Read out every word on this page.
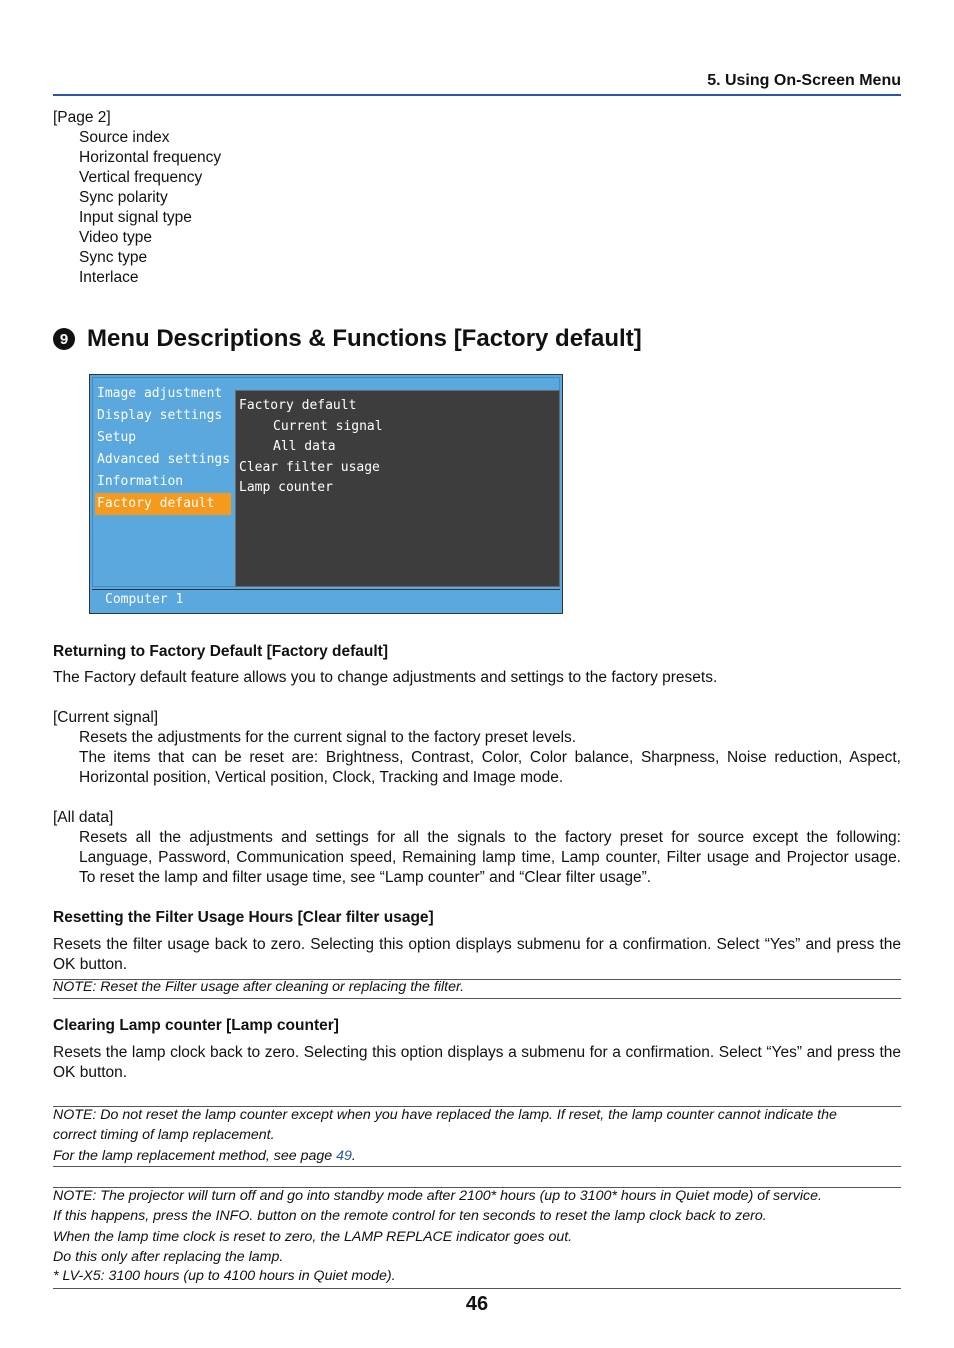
5. Using On-Screen Menu
[Page 2]
Source index
Horizontal frequency
Vertical frequency
Sync polarity
Input signal type
Video type
Sync type
Interlace
9 Menu Descriptions & Functions [Factory default]
Image adjustment
Display settings
Setup
Advanced settings
Information
Factory default
Factory default
Current signal
All data
Clear filter usage
Lamp counter
Computer 1
Returning to Factory Default [Factory default]
The Factory default feature allows you to change adjustments and settings to the factory presets.
[Current signal]
Resets the adjustments for the current signal to the factory preset levels.
The items that can be reset are: Brightness, Contrast, Color, Color balance, Sharpness, Noise reduction, Aspect, Horizontal position, Vertical position, Clock, Tracking and Image mode.
[All data]
Resets all the adjustments and settings for all the signals to the factory preset for source except the following: Language, Password, Communication speed, Remaining lamp time, Lamp counter, Filter usage and Projector usage. To reset the lamp and filter usage time, see “Lamp counter” and “Clear filter usage”.
Resetting the Filter Usage Hours [Clear filter usage]
Resets the filter usage back to zero. Selecting this option displays submenu for a confirmation. Select “Yes” and press the OK button.
NOTE: Reset the Filter usage after cleaning or replacing the filter.
Clearing Lamp counter [Lamp counter]
Resets the lamp clock back to zero. Selecting this option displays a submenu for a confirmation. Select “Yes” and press the OK button.
NOTE: Do not reset the lamp counter except when you have replaced the lamp. If reset, the lamp counter cannot indicate the
correct timing of lamp replacement.
For the lamp replacement method, see page 49.
NOTE: The projector will turn off and go into standby mode after 2100* hours (up to 3100* hours in Quiet mode) of service.
If this happens, press the INFO. button on the remote control for ten seconds to reset the lamp clock back to zero.
When the lamp time clock is reset to zero, the LAMP REPLACE indicator goes out.
Do this only after replacing the lamp.
* LV-X5: 3100 hours (up to 4100 hours in Quiet mode).
46
